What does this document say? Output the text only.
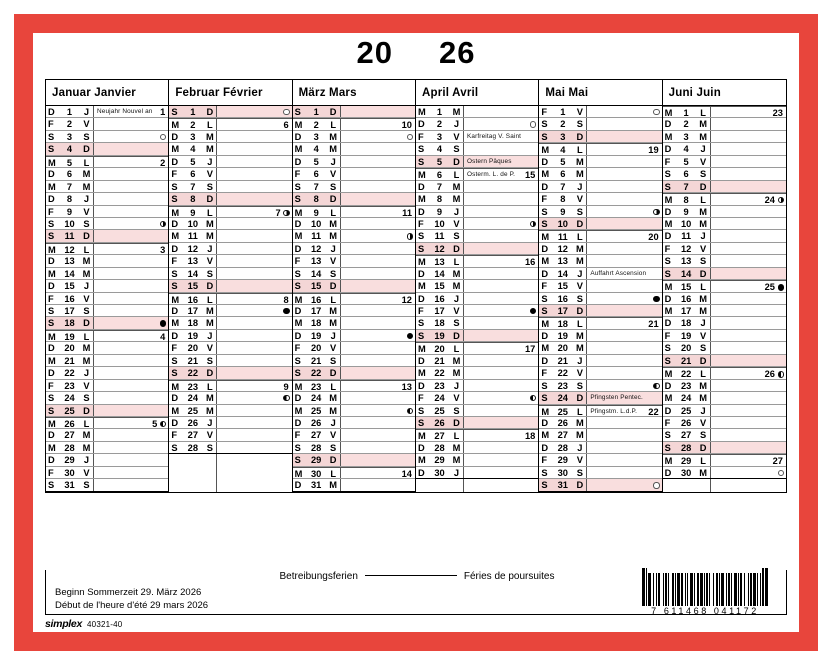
20 26
Januar Janvier
D	1	J	Neujahr Nouvel an 1
F	2	V
S	3	S
S	4	D
M	5	L	2
D	6	M
M	7	M
D	8	J
F	9	V
S	10 S
S	11 D
M 12 L	3
D	13 M
M 14 M
D	15 J
F	16 V
S	17 S
S	18 D
M 19 L	4
D	20 M
M 21 M
D	22 J
F	23 V
S	24 S
S	25 D
M 26 L	5
D	27 M
M 28 M
D	29 J
F	30 V
S	31 S
Februar Février
S	1	D
M	2	L	6
D	3	M
M	4	M
D	5	J
F	6	V
S	7	S
S	8	D
M	9	L	7
D	10 M
M 11 M
D	12 J
F	13 V
S	14 S
S	15 D
M 16 L	8
D	17 M
M 18 M
D	19 J
F	20 V
S	21 S
S	22 D
M 23 L	9
D	24 M
M 25 M
D	26 J
F	27 V
S	28 S
März Mars
S	1	D
M	2	L	10
D	3	M
M	4	M
D	5	J
F	6	V
S	7	S
S	8	D
M	9	L	11
D	10 M
M 11 M
D	12 J
F	13 V
S	14 S
S	15 D
M 16 L	12
D	17 M
M 18 M
D	19 J
F	20 V
S	21 S
S	22 D
M 23 L	13
D	24 M
M 25 M
D	26 J
F	27 V
S	28 S
S	29 D
M 30 L	14
D	31 M
April Avril
M	1	M
D	2	J
F	3	V	Karfreitag V. Saint
S	4	S
S	5	D	Ostern Pâques
M	6	L	Osterm. L. de P. 15
D	7	M
M	8	M
D	9	J
F	10 V
S	11 S
S	12 D
M 13 L	16
D	14 M
M 15 M
D	16 J
F	17 V
S	18 S
S	19 D
M 20 L	17
D	21 M
M 22 M
D	23 J
F	24 V
S	25 S
S	26 D
M 27 L	18
D	28 M
M 29 M
D	30 J
Mai Mai
F	1	V
S	2	S
S	3	D
M	4	L	19
D	5	M
M	6	M
D	7	J
F	8	V
S	9	S
S	10 D
M 11 L	20
D	12 M
M 13 M
D	14 J	Auffahrt Ascension
F	15 V
S	16 S
S	17 D
M 18 L	21
D	19 M
M 20 M
D	21 J
F	22 V
S	23 S
S	24 D	Pfingsten Pentec.
M 25 L	Pfingstm. L.d.P. 22
D	26 M
M 27 M
D	28 J
F	29 V
S	30 S
S	31 D
Juni Juin
M	1	L	23
D	2	M
M	3	M
D	4	J
F	5	V
S	6	S
S	7	D
M	8	L	24
D	9	M
M 10 M
D	11	J
F	12 V
S	13 S
S	14 D
M 15 L	25
D	16 M
M 17 M
D	18 J
F	19 V
S	20 S
S	21 D
M 22 L	26
D	23 M
M 24 M
D	25 J
F	26 V
S	27 S
S	28 D
M 29 L	27
D	30 M
Betreibungsferien	Féries de poursuites
Beginn Sommerzeit 29. März 2026
Début de l'heure d'été 29 mars 2026
7 611468 041172
simplex 40321-40
